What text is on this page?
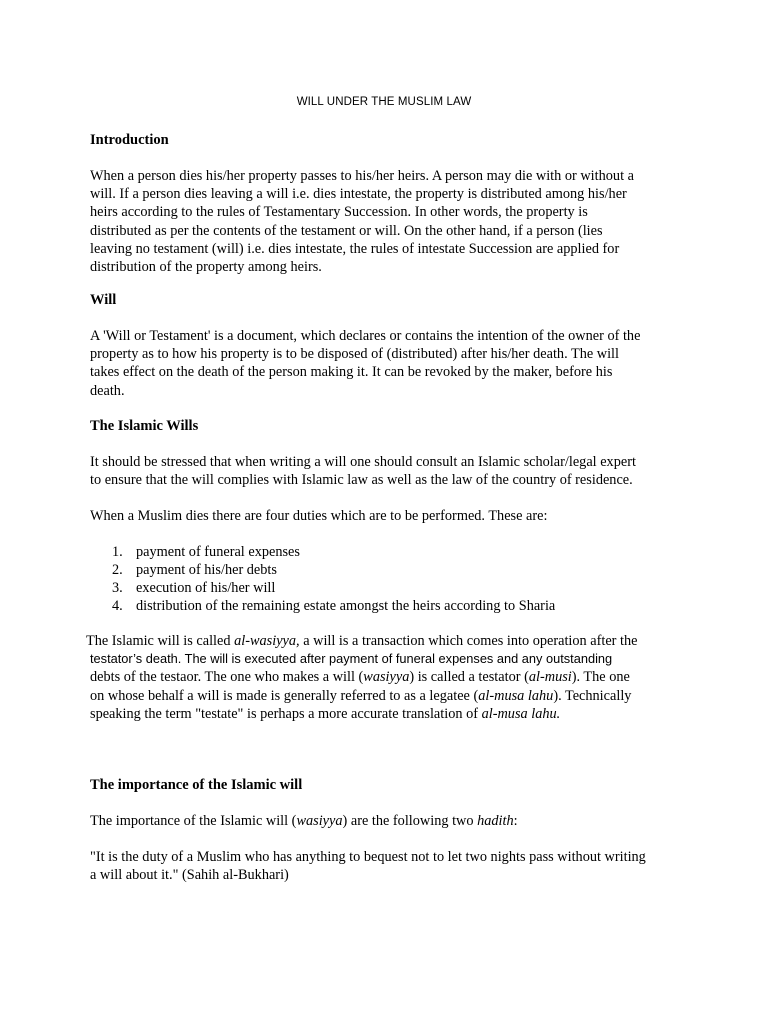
WILL UNDER THE MUSLIM LAW
Introduction
When a person dies his/her property passes to his/her heirs. A person may die with or without a
will. If a person dies leaving a will i.e. dies intestate, the property is distributed among his/her
heirs according to the rules of Testamentary Succession. In other words, the property is
distributed as per the contents of the testament or will. On the other hand, if a person (lies
leaving no testament (will) i.e. dies intestate, the rules of intestate Succession are applied for
distribution of the property among heirs.
Will
A 'Will or Testament' is a document, which declares or contains the intention of the owner of the
property as to how his property is to be disposed of (distributed) after his/her death. The will
takes effect on the death of the person making it. It can be revoked by the maker, before his
death.
The Islamic Wills
It should be stressed that when writing a will one should consult an Islamic scholar/legal expert
to ensure that the will complies with Islamic law as well as the law of the country of residence.
When a Muslim dies there are four duties which are to be performed. These are:
1. payment of funeral expenses
2. payment of his/her debts
3. execution of his/her will
4. distribution of the remaining estate amongst the heirs according to Sharia
The Islamic will is called al-wasiyya, a will is a transaction which comes into operation after the
testator’s death. The will is executed after payment of funeral expenses and any outstanding
debts of the testaor. The one who makes a will (wasiyya) is called a testator (al-musi). The one
on whose behalf a will is made is generally referred to as a legatee (al-musa lahu). Technically
speaking the term "testate" is perhaps a more accurate translation of al-musa lahu.
The importance of the Islamic will
The importance of the Islamic will (wasiyya) are the following two hadith:
"It is the duty of a Muslim who has anything to bequest not to let two nights pass without writing
a will about it." (Sahih al-Bukhari)
